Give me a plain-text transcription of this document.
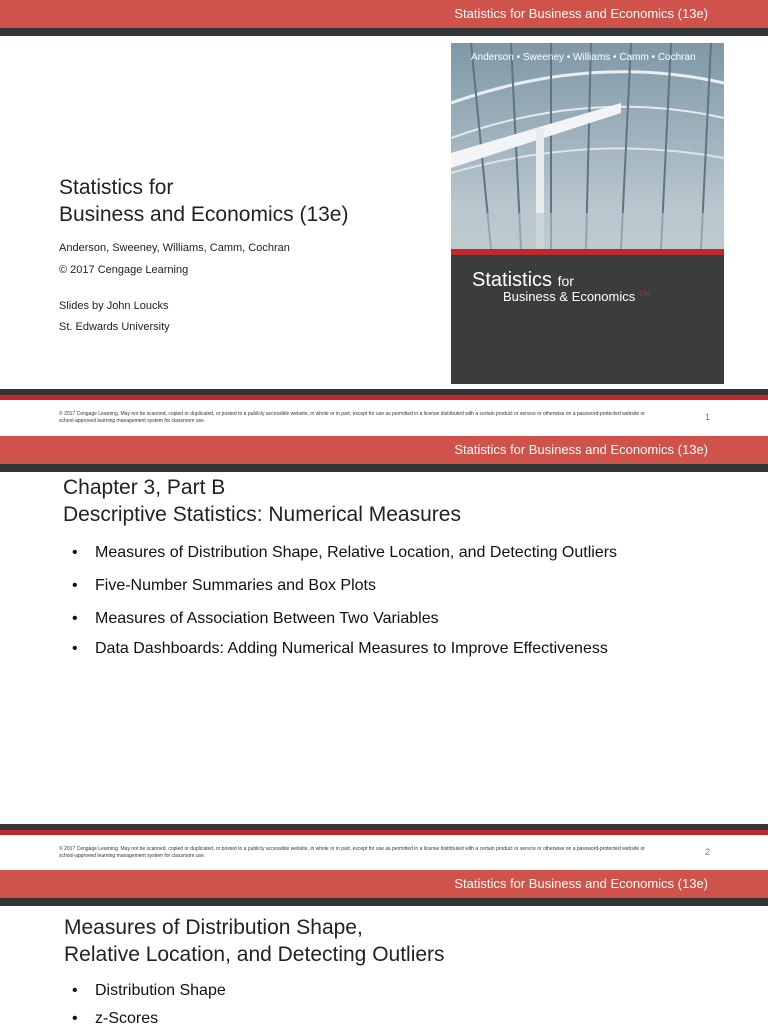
Statistics for Business and Economics (13e)
Statistics for
Business and Economics (13e)
Anderson, Sweeney, Williams, Camm, Cochran
© 2017 Cengage Learning
Slides by John Loucks
St. Edwards University
Anderson • Sweeney • Williams • Camm • Cochran
Statistics for
Business & Economics $^{13e}$
© 2017 Cengage Learning. May not be scanned, copied or duplicated, or posted to a publicly accessible website, in whole or in part, except for use as permitted in a license distributed with a certain product or service or otherwise on a password-protected website or school-approved learning management system for classroom use.	1
Statistics for Business and Economics (13e)
Chapter 3, Part B
Descriptive Statistics: Numerical Measures
• Measures of Distribution Shape, Relative Location, and Detecting Outliers
• Five-Number Summaries and Box Plots
• Measures of Association Between Two Variables
• Data Dashboards: Adding Numerical Measures to Improve Effectiveness
© 2017 Cengage Learning. May not be scanned, copied or duplicated, or posted to a publicly accessible website, in whole or in part, except for use as permitted in a license distributed with a certain product or service or otherwise on a password-protected website or school-approved learning management system for classroom use.	2
Statistics for Business and Economics (13e)
Measures of Distribution Shape,
Relative Location, and Detecting Outliers
• Distribution Shape
• z-Scores
